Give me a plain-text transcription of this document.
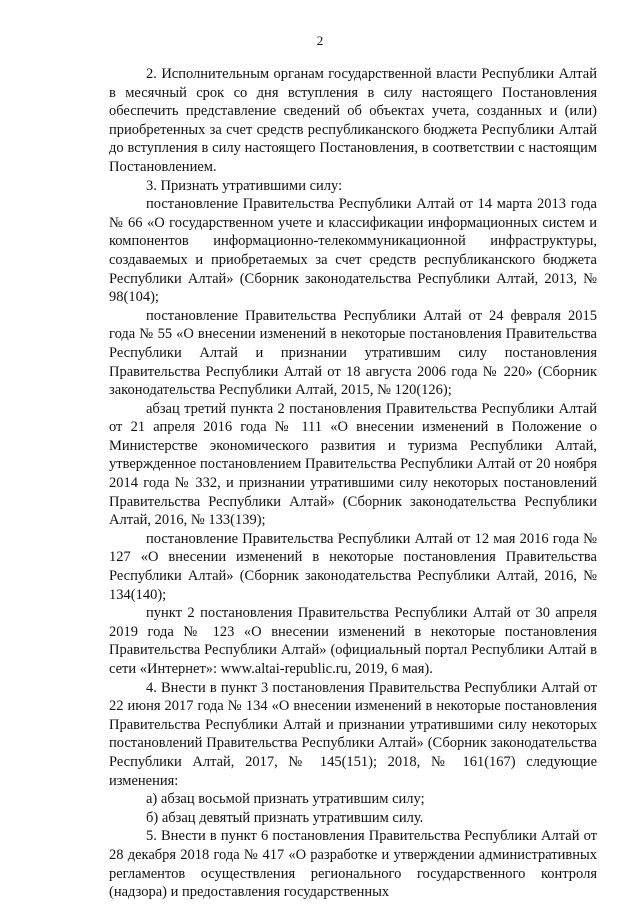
2

2. Исполнительным органам государственной власти Республики Алтай в месячный срок со дня вступления в силу настоящего Постановления обеспечить представление сведений об объектах учета, созданных и (или) приобретенных за счет средств республиканского бюджета Республики Алтай до вступления в силу настоящего Постановления, в соответствии с настоящим Постановлением.

3. Признать утратившими силу:

постановление Правительства Республики Алтай от 14 марта 2013 года № 66 «О государственном учете и классификации информационных систем и компонентов информационно-телекоммуникационной инфраструктуры, создаваемых и приобретаемых за счет средств республиканского бюджета Республики Алтай» (Сборник законодательства Республики Алтай, 2013, № 98(104);

постановление Правительства Республики Алтай от 24 февраля 2015 года № 55 «О внесении изменений в некоторые постановления Правительства Республики Алтай и признании утратившим силу постановления Правительства Республики Алтай от 18 августа 2006 года № 220» (Сборник законодательства Республики Алтай, 2015, № 120(126);

абзац третий пункта 2 постановления Правительства Республики Алтай от 21 апреля 2016 года № 111 «О внесении изменений в Положение о Министерстве экономического развития и туризма Республики Алтай, утвержденное постановлением Правительства Республики Алтай от 20 ноября 2014 года № 332, и признании утратившими силу некоторых постановлений Правительства Республики Алтай» (Сборник законодательства Республики Алтай, 2016, № 133(139);

постановление Правительства Республики Алтай от 12 мая 2016 года № 127 «О внесении изменений в некоторые постановления Правительства Республики Алтай» (Сборник законодательства Республики Алтай, 2016, № 134(140);

пункт 2 постановления Правительства Республики Алтай от 30 апреля 2019 года № 123 «О внесении изменений в некоторые постановления Правительства Республики Алтай» (официальный портал Республики Алтай в сети «Интернет»: www.altai-republic.ru, 2019, 6 мая).

4. Внести в пункт 3 постановления Правительства Республики Алтай от 22 июня 2017 года № 134 «О внесении изменений в некоторые постановления Правительства Республики Алтай и признании утратившими силу некоторых постановлений Правительства Республики Алтай» (Сборник законодательства Республики Алтай, 2017, № 145(151); 2018, № 161(167) следующие изменения:

а) абзац восьмой признать утратившим силу;

б) абзац девятый признать утратившим силу.

5. Внести в пункт 6 постановления Правительства Республики Алтай от 28 декабря 2018 года № 417 «О разработке и утверждении административных регламентов осуществления регионального государственного контроля (надзора) и предоставления государственных
